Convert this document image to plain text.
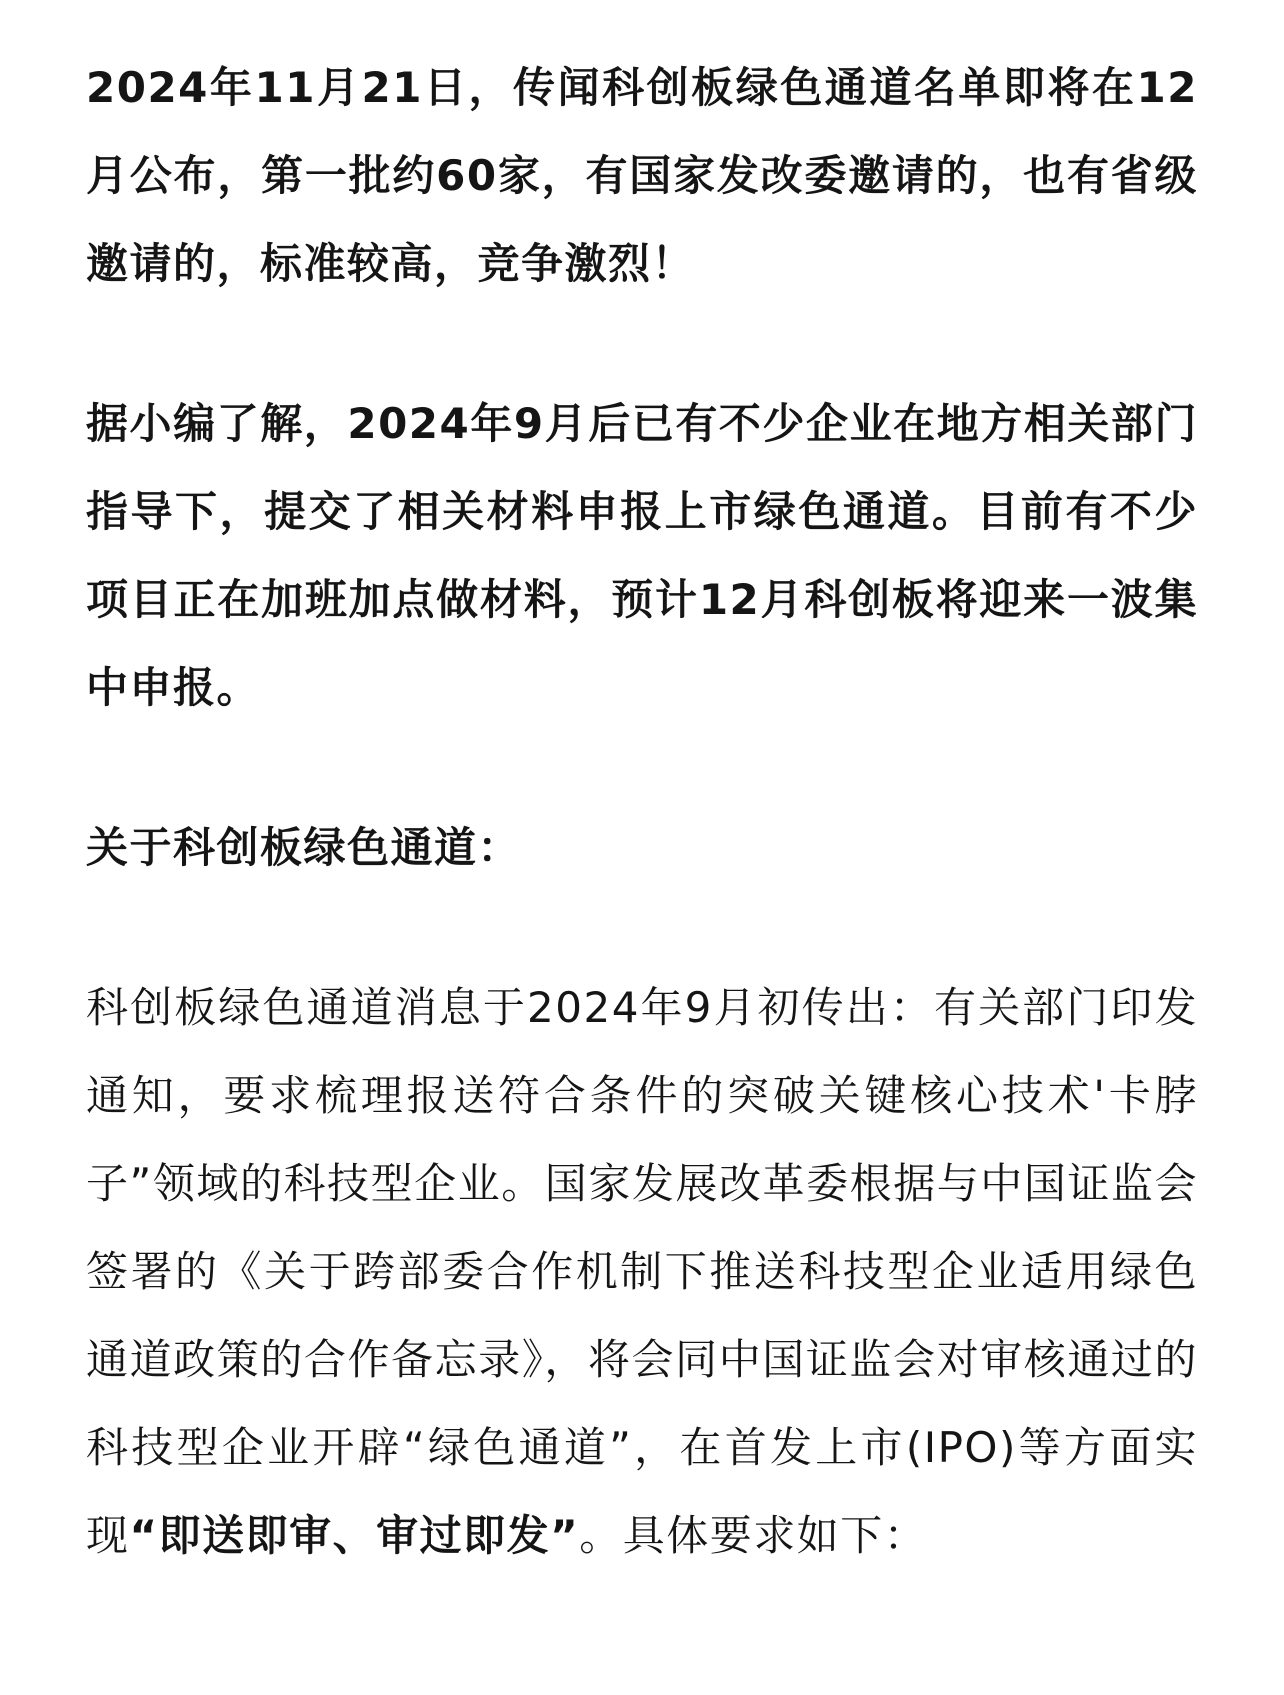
2024年11月21日，传闻科创板绿色通道名单即将在12月公布，第一批约60家，有国家发改委邀请的，也有省级邀请的，标准较高，竞争激烈！

据小编了解，2024年9月后已有不少企业在地方相关部门指导下，提交了相关材料申报上市绿色通道。目前有不少项目正在加班加点做材料，预计12月科创板将迎来一波集中申报。

关于科创板绿色通道：

科创板绿色通道消息于2024年9月初传出：有关部门印发通知，要求梳理报送符合条件的突破关键核心技术'卡脖子”领域的科技型企业。国家发展改革委根据与中国证监会签署的《关于跨部委合作机制下推送科技型企业适用绿色通道政策的合作备忘录》，将会同中国证监会对审核通过的科技型企业开辟“绿色通道”，在首发上市(IPO)等方面实现“即送即审、审过即发”。具体要求如下：
